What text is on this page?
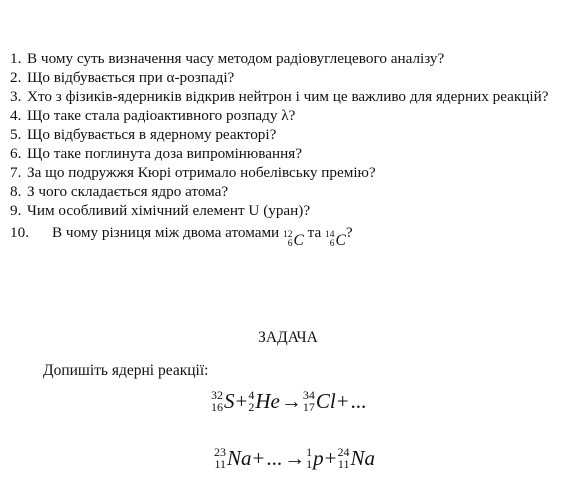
1. В чому суть визначення часу методом радіовуглецевого аналізу?
2. Що відбувається при α-розпаді?
3. Хто з фізиків-ядерників відкрив нейтрон і чим це важливо для ядерних реакцій?
4. Що таке стала радіоактивного розпаду λ?
5. Що відбувається в ядерному реакторі?
6. Що таке поглинута доза випромінювання?
7. За що подружжя Кюрі отримало нобелівську премію?
8. З чого складається ядро атома?
9. Чим особливий хімічний елемент U (уран)?
10.	В чому різниця між двома атомами
12
6 C
та
14
6 C ?
ЗАДАЧА
Допишіть ядерні реакції:
32
16 S + 4
2 He → 34
17 Cl + ...
23
11 Na + ... → 1
1 p + 24
11 Na
